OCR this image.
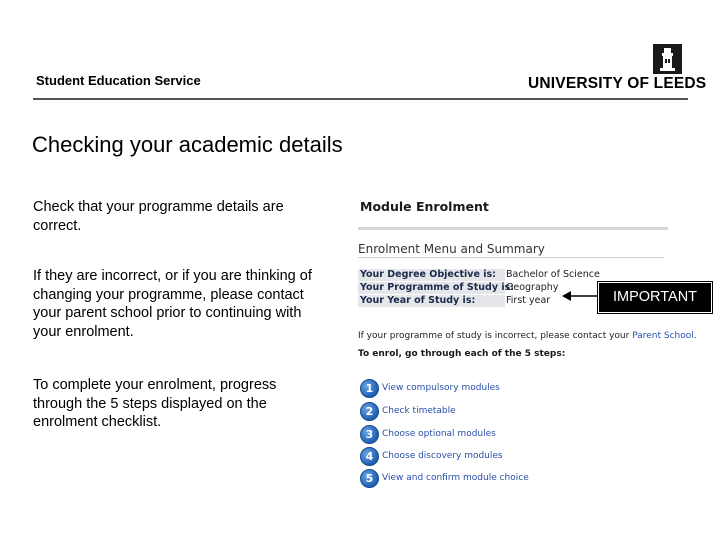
Student Education Service	UNIVERSITY OF LEEDS
Checking your academic details
Check that your programme details are correct.
If they are incorrect, or if you are thinking of changing your programme, please contact your parent school prior to continuing with your enrolment.
To complete your enrolment, progress through the 5 steps displayed on the enrolment checklist.
Module Enrolment
Enrolment Menu and Summary
Your Degree Objective is:	Bachelor of Science
Your Programme of Study is:
Geography
Your Year of Study is:	First year
If your programme of study is incorrect, please contact your Parent School.
To enrol, go through each of the 5 steps:
1 View compulsory modules
2 Check timetable
3 Choose optional modules
4 Choose discovery modules
5 View and confirm module choice
IMPORTANT
